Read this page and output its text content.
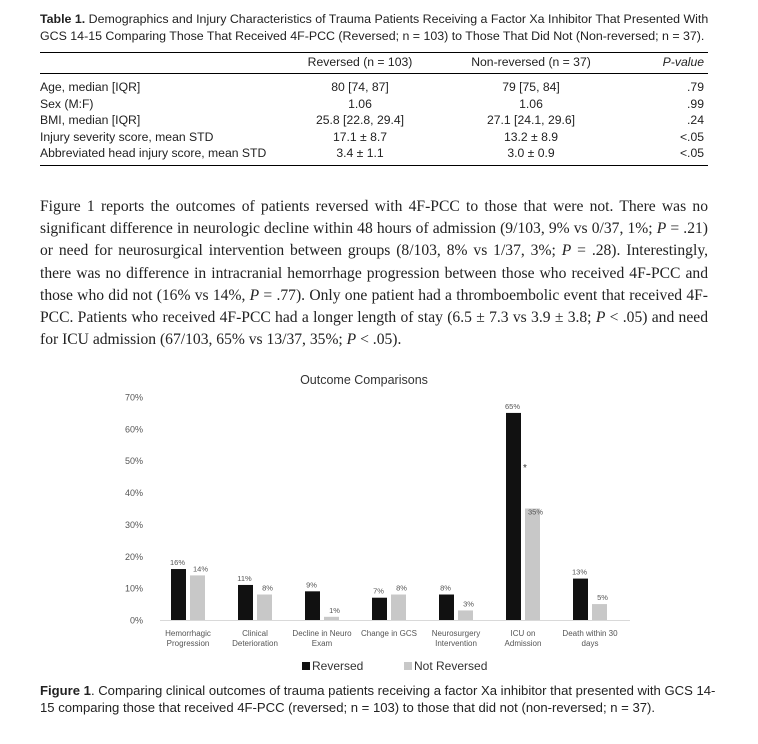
Table 1. Demographics and Injury Characteristics of Trauma Patients Receiving a Factor Xa Inhibitor That Presented With GCS 14-15 Comparing Those That Received 4F-PCC (Reversed; n = 103) to Those That Did Not (Non-reversed; n = 37).
	Reversed (n = 103)	Non-reversed (n = 37)	P-value
Age, median [IQR]	80 [74, 87]	79 [75, 84]	.79
Sex (M:F)	1.06	1.06	.99
BMI, median [IQR]	25.8 [22.8, 29.4]	27.1 [24.1, 29.6]	.24
Injury severity score, mean STD	17.1 ± 8.7	13.2 ± 8.9	<.05
Abbreviated head injury score, mean STD	3.4 ± 1.1	3.0 ± 0.9	<.05

Figure 1 reports the outcomes of patients reversed with 4F-PCC to those that were not. There was no significant difference in neurologic decline within 48 hours of admission (9/103, 9% vs 0/37, 1%; P = .21) or need for neurosurgical intervention between groups (8/103, 8% vs 1/37, 3%; P = .28). Interestingly, there was no difference in intracranial hemorrhage progression between those who received 4F-PCC and those who did not (16% vs 14%, P = .77). Only one patient had a thromboembolic event that received 4F-PCC. Patients who received 4F-PCC had a longer length of stay (6.5 ± 7.3 vs 3.9 ± 3.8; P < .05) and need for ICU admission (67/103, 65% vs 13/37, 35%; P < .05).

Outcome Comparisons
0%
10%
20%
30%
40%
50%
60%
70%
16%
14%
11%
8%	9%
1%
7% 8%	8%
3%
65%
35%
13%
5%
Hemorrhagic
Progression
Clinical
Deterioration
Decline in Neuro
Exam
Change in GCS Neurosurgery
Intervention
ICU on
Admission
Death within 30
days
*
Reversed	Not Reversed

Figure 1. Comparing clinical outcomes of trauma patients receiving a factor Xa inhibitor that presented with GCS 14-15 comparing those that received 4F-PCC (reversed; n = 103) to those that did not (non-reversed; n = 37).
